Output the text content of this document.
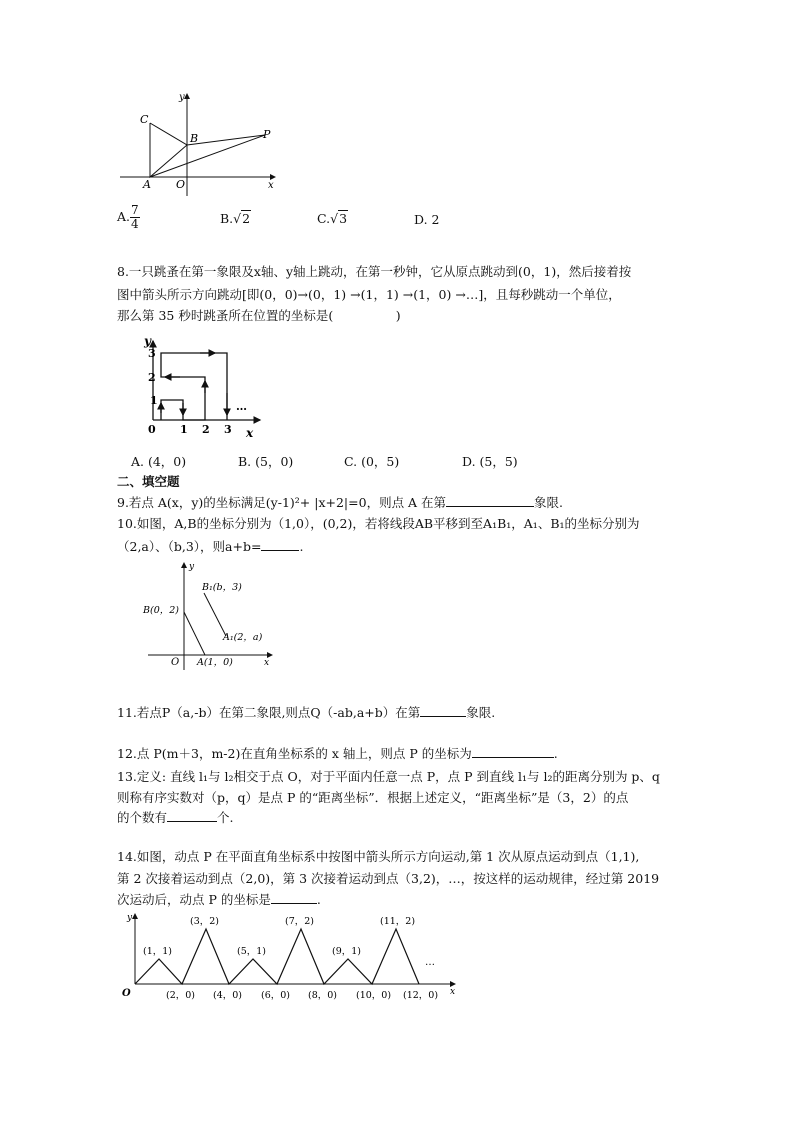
y
x
C
B	P
A O
A. $\frac{7}{4}$	B.√2	C.√3	D. 2
8.一只跳蚤在第一象限及x轴、y轴上跳动，在第一秒钟，它从原点跳动到(0，1)，然后接着按
图中箭头所示方向跳动[即(0，0)→(0，1) →(1，1) →(1，0) →…]，且每秒跳动一个单位，
那么第 35 秒时跳蚤所在位置的坐标是(　　　　　)
y
x
0 1 2 3
1
2
3
…
A. (4，0)	B. (5，0)	C. (0，5)	D. (5，5)
二、填空题
9.若点 A(x，y)的坐标满足(y-1)²+ |x+2|=0，则点 A 在第	象限.
10.如图，A,B的坐标分别为（1,0），(0,2)，若将线段AB平移到至A₁B₁，A₁、B₁的坐标分别为
（2,a）、（b,3），则a+b=	.
y
x
O A(1，0)
B(0，2)
B₁(b，3)
A₁(2，a)
11.若点P（a,-b）在第二象限,则点Q（-ab,a+b）在第	象限.
12.点 P(m＋3，m-2)在直角坐标系的 x 轴上，则点 P 的坐标为	.
13.定义: 直线 l₁与 l₂相交于点 O，对于平面内任意一点 P，点 P 到直线 l₁与 l₂的距离分别为 p、q
则称有序实数对（p，q）是点 P 的“距离坐标”．根据上述定义，“距离坐标”是（3，2）的点
的个数有	个.
14.如图，动点 P 在平面直角坐标系中按图中箭头所示方向运动,第 1 次从原点运动到点（1,1),
第 2 次接着运动到点（2,0)，第 3 次接着运动到点（3,2)，…，按这样的运动规律，经过第 2019
次运动后，动点 P 的坐标是	.
y
x
O
…
(1，1)
(3，2)
(5，1)
(7，2)
(9，1)
(11，2)
(2，0) (4，0) (6，0) (8，0) (10，0) (12，0)
